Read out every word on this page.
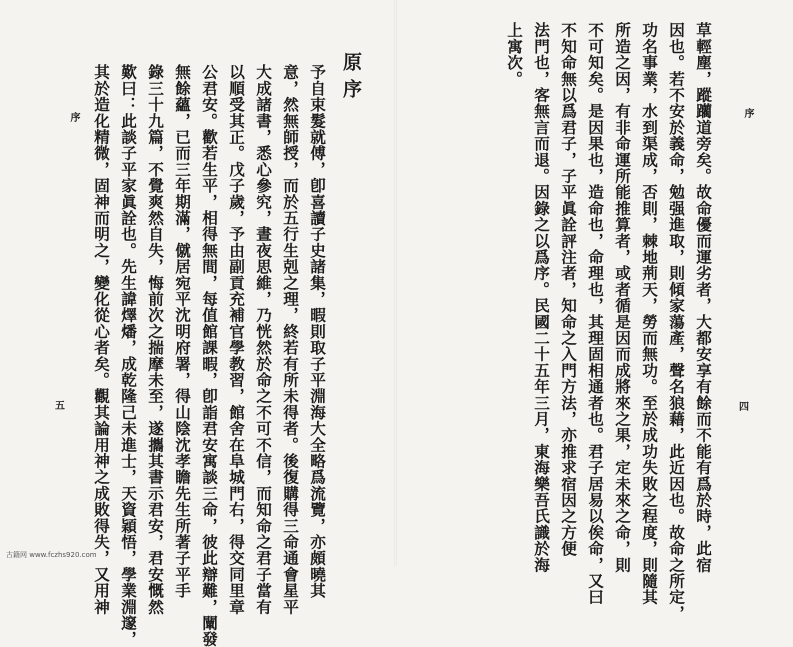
序
五
原序
予自束髮就傅，卽喜讀子史諸集，暇則取子平淵海大全略爲流覽，亦頗曉其
意，然無師授，而於五行生剋之理，終若有所未得者。後復購得三命通會星平
大成諸書，悉心參究，晝夜思維，乃恍然於命之不可不信，而知命之君子當有
以順受其正。戊子歲，予由副貢充補官學教習，館舍在阜城門右，得交同里章
公君安。歡若生平，相得無間，每值館課暇，卽詣君安寓談三命，彼此辯難，闡發
無餘蘊，已而三年期滿，僦居宛平沈明府署，得山陰沈孝瞻先生所著子平手
錄三十九篇，不覺爽然自失，悔前次之揣摩未至，遂攜其書示君安，君安慨然
歎曰：此談子平家眞詮也。先生諱燡燔，成乾隆己未進士，天資穎悟，學業淵邃，
其於造化精微，固神而明之，變化從心者矣。觀其論用神之成敗得失，又用神	序
四
草輕塵，蹤躪道旁矣。故命優而運劣者，大都安享有餘而不能有爲於時，此宿
因也。若不安於義命，勉强進取，則傾家蕩產，聲名狼藉，此近因也。故命之所定，
功名事業，水到渠成，否則，棘地荊天，勞而無功。至於成功失敗之程度，則隨其
所造之因，有非命運所能推算者，或者循是因而成將來之果，定未來之命，則
不可知矣。是因果也，造命也，命理也，其理固相通者也。君子居易以俟命，又曰
不知命無以爲君子，子平眞詮評注者，知命之入門方法，亦推求宿因之方便
法門也，客無言而退。因錄之以爲序。民國二十五年三月，東海樂吾氏識於海
上寓次。
古籍网 www.fczhs920.com
